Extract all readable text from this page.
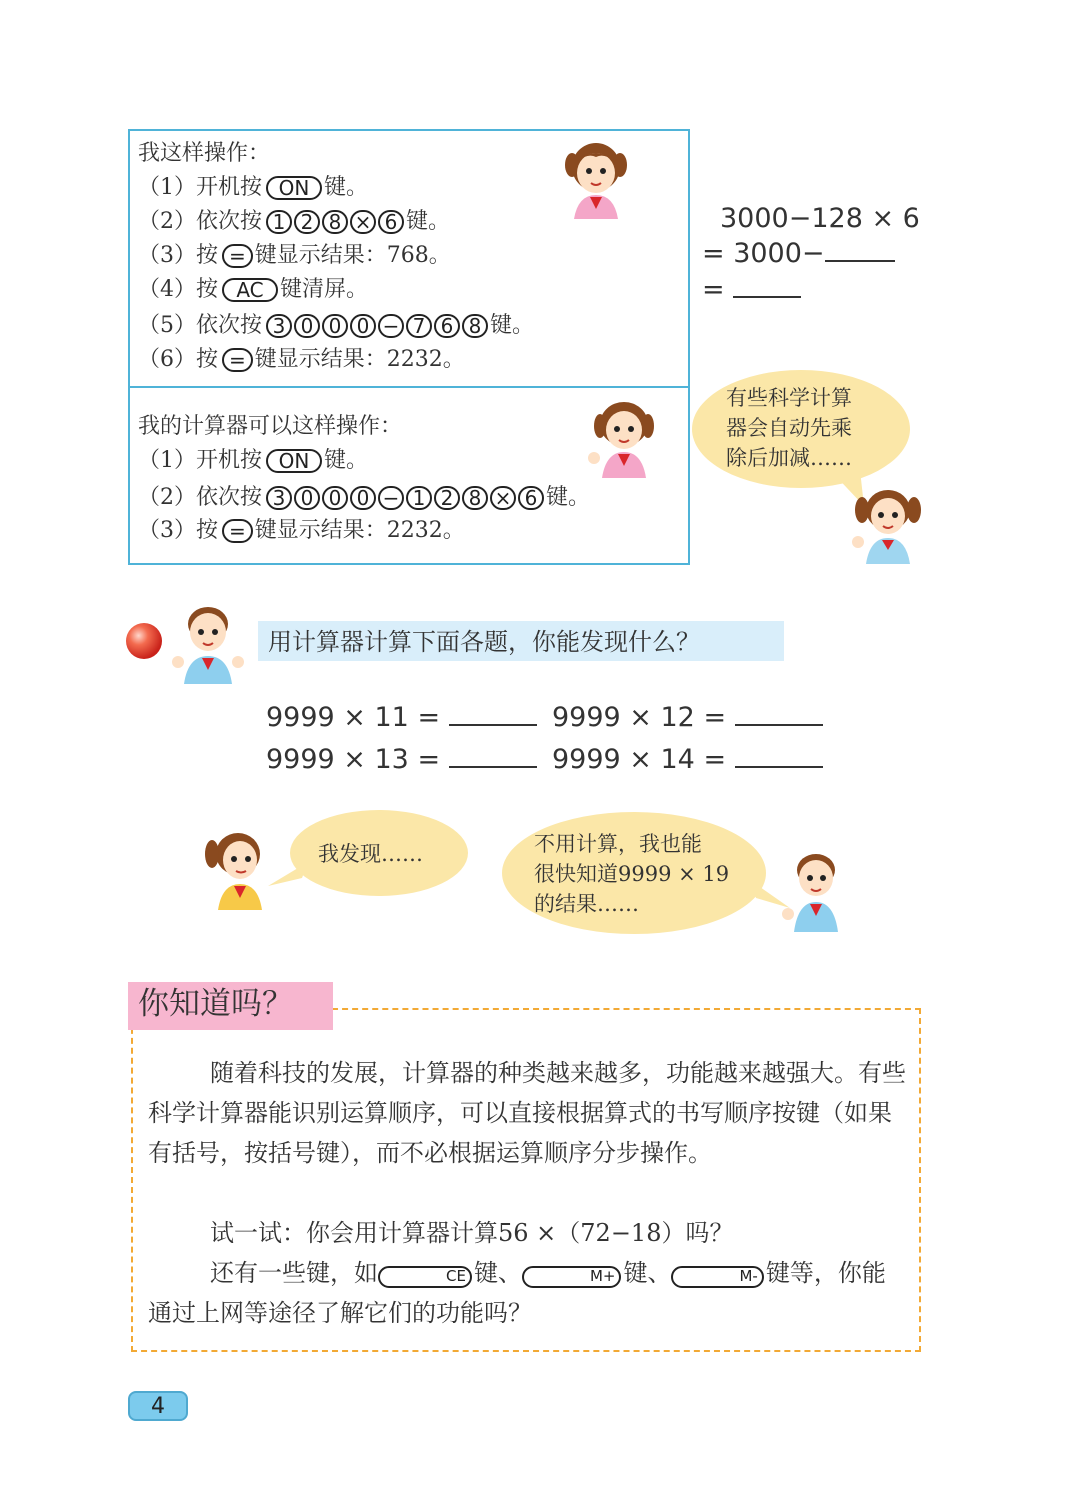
我这样操作：
（1）开机按 ON 键。
（2）依次按 1 2 8 × 6 键。
（3）按 = 键显示结果：768。
（4）按 AC 键清屏。
（5）依次按 3 0 0 0 − 7 6 8 键。
（6）按 = 键显示结果：2232。
我的计算器可以这样操作：
（1）开机按 ON 键。
（2）依次按 3 0 0 0 − 1 2 8 × 6 键。
（3）按 = 键显示结果：2232。
3000−128 × 6
= 3000−
=
有些科学计算
器会自动先乘
除后加减……
用计算器计算下面各题，你能发现什么？
9999 × 11 =	9999 × 12 =
9999 × 13 =	9999 × 14 =
我发现……	不用计算，我也能
很快知道9999 × 19
的结果……
你知道吗？
随着科技的发展，计算器的种类越来越多，功能越来越强大。有些科学计算器能识别运算顺序，可以直接根据算式的书写顺序按键（如果有括号，按括号键），而不必根据运算顺序分步操作。
试一试：你会用计算器计算56 ×（72−18）吗？
还有一些键，如	CE 键、	M+ 键、	M- 键等，你能通过上网等途径了解它们的功能吗？
4
